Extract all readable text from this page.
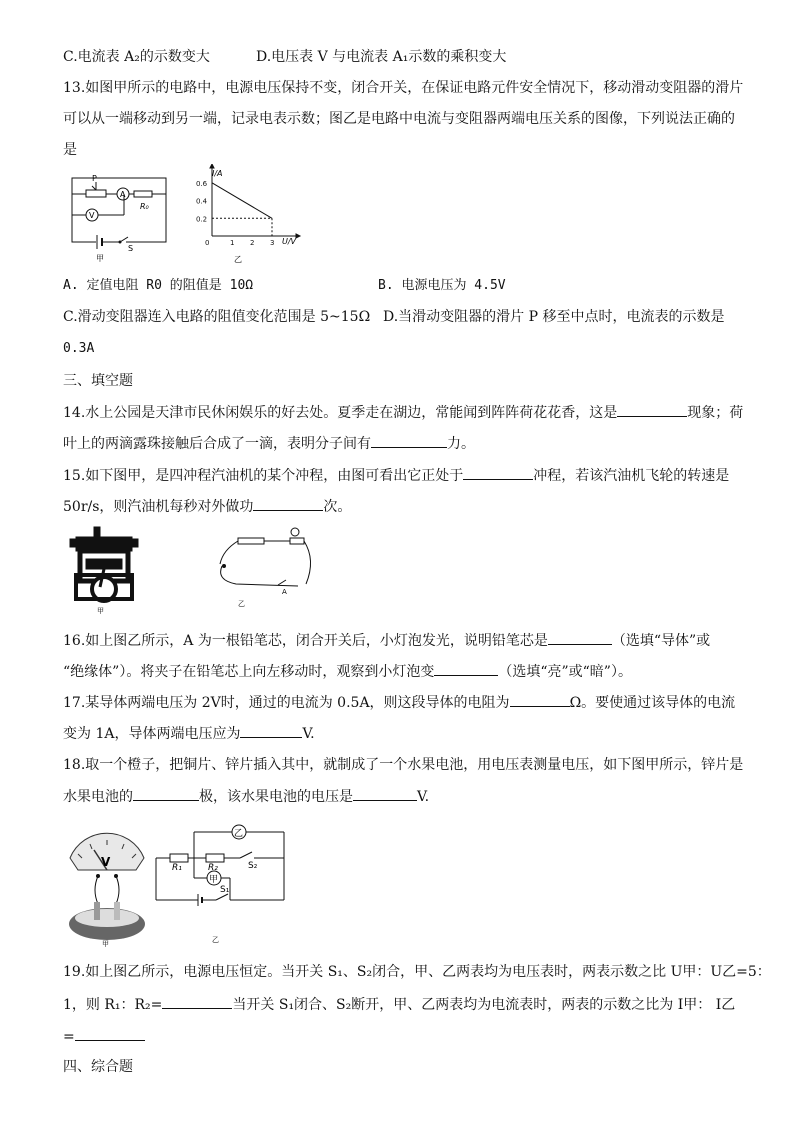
C.电流表 A₂的示数变大	D.电压表 V 与电流表 A₁示数的乘积变大
13.如图甲所示的电路中，电源电压保持不变，闭合开关，在保证电路元件安全情况下，移动滑动变阻器的滑片
可以从一端移动到另一端，记录电表示数；图乙是电路中电流与变阻器两端电压关系的图像，下列说法正确的
是
P
A
R₀
V
S
甲
0	1 2 3
0.2
0.4
0.6
I/A
U/V
乙
A. 定值电阻 R0 的阻值是 10Ω	B. 电源电压为 4.5V
C.滑动变阻器连入电路的阻值变化范围是 5~15Ω D.当滑动变阻器的滑片 P 移至中点时，电流表的示数是
0.3A
三、填空题
14.水上公园是天津市民休闲娱乐的好去处。夏季走在湖边，常能闻到阵阵荷花花香，这是	现象；荷
叶上的两滴露珠接触后合成了一滴，表明分子间有	力。
15.如下图甲，是四冲程汽油机的某个冲程，由图可看出它正处于	冲程，若该汽油机飞轮的转速是
50r/s，则汽油机每秒对外做功	次。
甲
A
乙
16.如上图乙所示，A 为一根铅笔芯，闭合开关后，小灯泡发光，说明铅笔芯是	（选填“导体”或
“绝缘体”）。将夹子在铅笔芯上向左移动时，观察到小灯泡变	（选填“亮”或“暗”）。
17.某导体两端电压为 2V时，通过的电流为 0.5A，则这段导体的电阻为	Ω。要使通过该导体的电流
变为 1A，导体两端电压应为	V.
18.取一个橙子，把铜片、锌片插入其中，就制成了一个水果电池，用电压表测量电压，如下图甲所示，锌片是
水果电池的	极，该水果电池的电压是	V.
V
甲
乙
甲
R₁	R₂	S₂
S₁
乙
19.如上图乙所示，电源电压恒定。当开关 S₁、S₂闭合，甲、乙两表均为电压表时，两表示数之比 U甲：U乙=5：
1，则 R₁：R₂=	当开关 S₁闭合、S₂断开，甲、乙两表均为电流表时，两表的示数之比为 I甲： I乙
=
四、综合题
